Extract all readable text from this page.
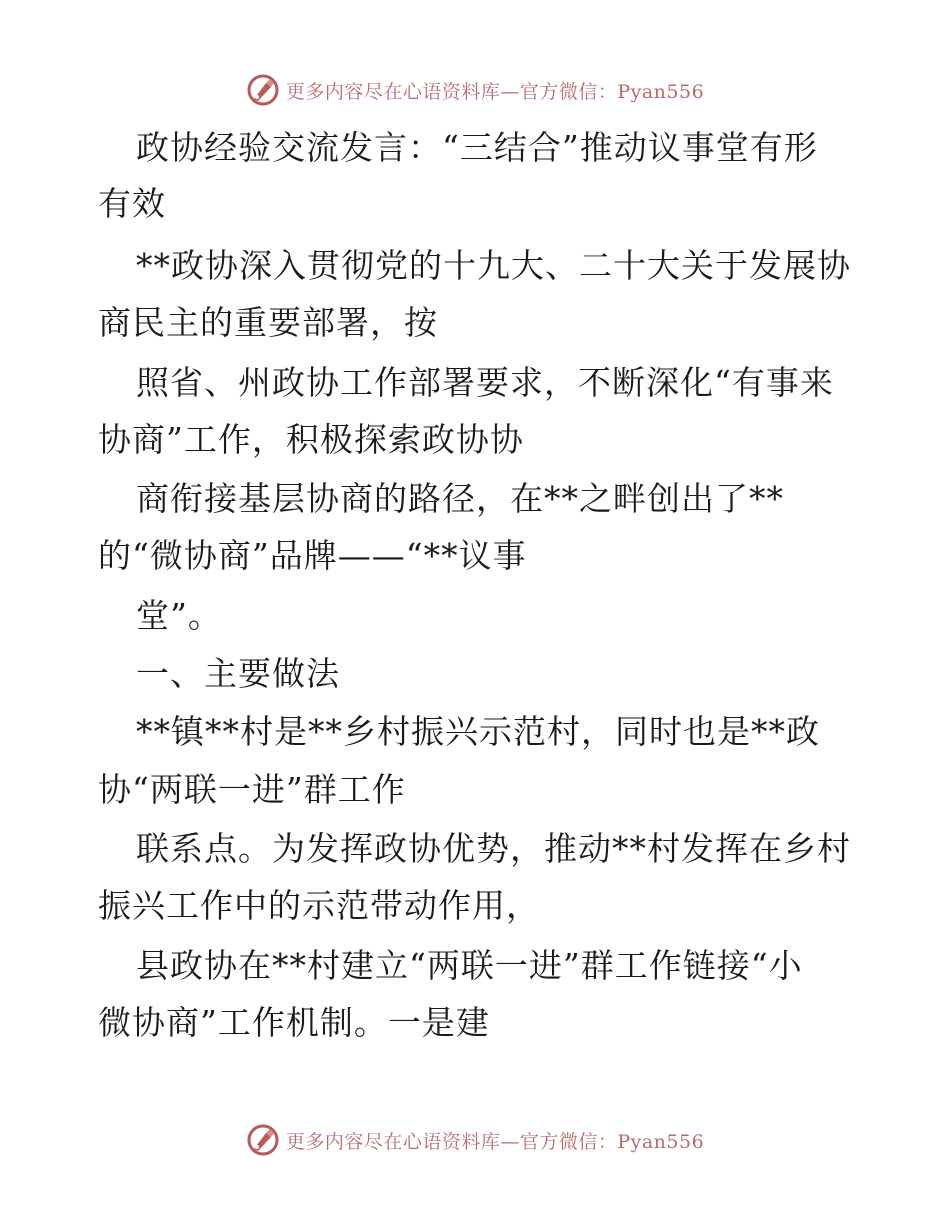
更多内容尽在心语资料库—官方微信：Pyan556
政协经验交流发言：“三结合”推动议事堂有形
有效
**政协深入贯彻党的十九大、二十大关于发展协
商民主的重要部署，按
照省、州政协工作部署要求，不断深化“有事来
协商”工作，积极探索政协协
商衔接基层协商的路径，在**之畔创出了**
的“微协商”品牌——“**议事
堂”。
一、主要做法
**镇**村是**乡村振兴示范村，同时也是**政
协“两联一进”群工作
联系点。为发挥政协优势，推动**村发挥在乡村
振兴工作中的示范带动作用，
县政协在**村建立“两联一进”群工作链接“小
微协商”工作机制。一是建
更多内容尽在心语资料库—官方微信：Pyan556
